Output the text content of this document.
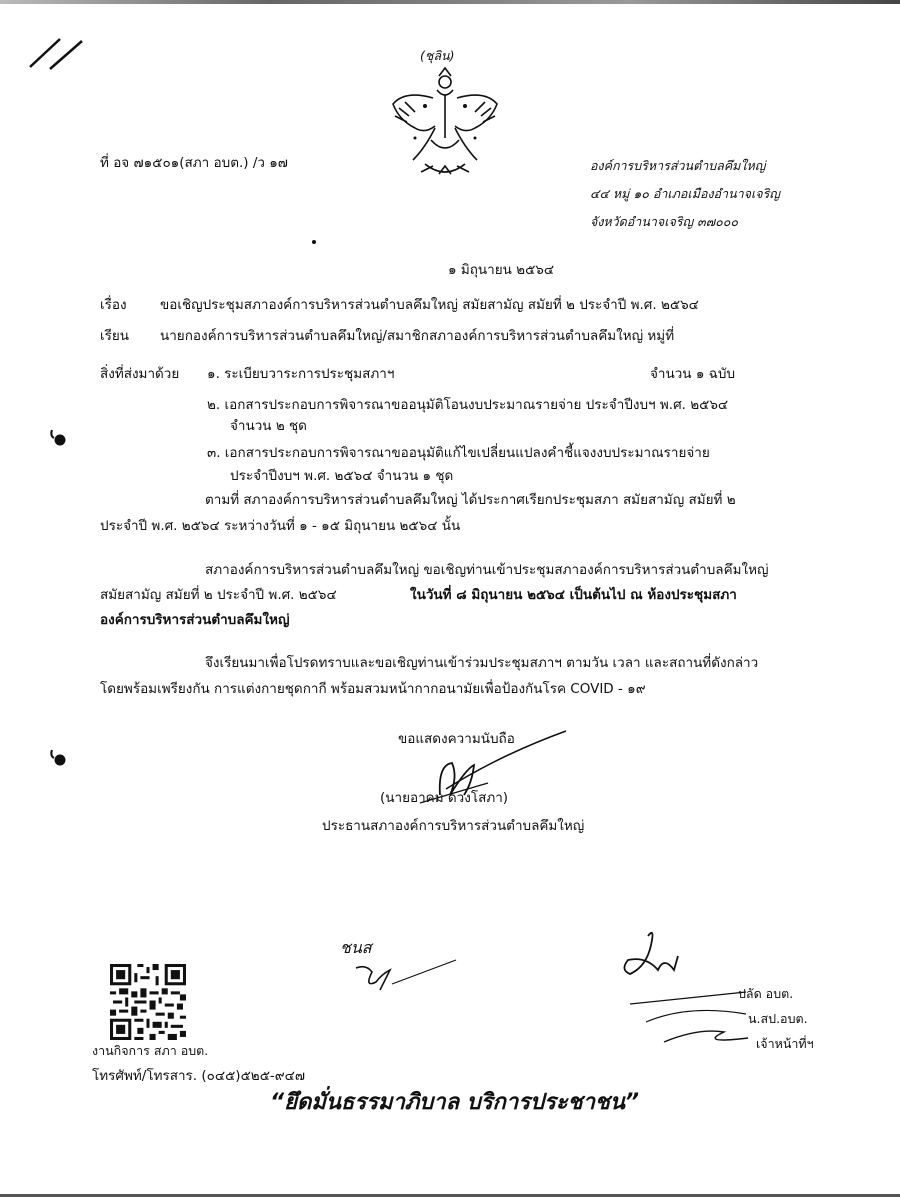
(ชุลิน)
ที่ อจ ๗๑๕๐๑(สภา อบต.) /ว ๑๗	องค์การบริหารส่วนตำบลคึมใหญ่
๔๔ หมู่ ๑๐ อำเภอเมืองอำนาจเจริญ
จังหวัดอำนาจเจริญ ๓๗๐๐๐
๑ มิถุนายน ๒๕๖๔
เรื่อง ขอเชิญประชุมสภาองค์การบริหารส่วนตำบลคึมใหญ่ สมัยสามัญ สมัยที่ ๒ ประจำปี พ.ศ. ๒๕๖๔
เรียน นายกองค์การบริหารส่วนตำบลคึมใหญ่/สมาชิกสภาองค์การบริหารส่วนตำบลคึมใหญ่ หมู่ที่
สิ่งที่ส่งมาด้วย ๑. ระเบียบวาระการประชุมสภาฯ	จำนวน ๑ ฉบับ
๒. เอกสารประกอบการพิจารณาขออนุมัติโอนงบประมาณรายจ่าย ประจำปีงบฯ พ.ศ. ๒๕๖๔
จำนวน ๒ ชุด
๓. เอกสารประกอบการพิจารณาขออนุมัติแก้ไขเปลี่ยนแปลงคำชี้แจงงบประมาณรายจ่าย
ประจำปีงบฯ พ.ศ. ๒๕๖๔ จำนวน ๑ ชุด
ตามที่ สภาองค์การบริหารส่วนตำบลคึมใหญ่ ได้ประกาศเรียกประชุมสภา สมัยสามัญ สมัยที่ ๒
ประจำปี พ.ศ. ๒๕๖๔ ระหว่างวันที่ ๑ - ๑๕ มิถุนายน ๒๕๖๔ นั้น
สภาองค์การบริหารส่วนตำบลคึมใหญ่ ขอเชิญท่านเข้าประชุมสภาองค์การบริหารส่วนตำบลคึมใหญ่
สมัยสามัญ สมัยที่ ๒ ประจำปี พ.ศ. ๒๕๖๔	ในวันที่ ๘ มิถุนายน ๒๕๖๔ เป็นต้นไป ณ ห้องประชุมสภา
องค์การบริหารส่วนตำบลคึมใหญ่
จึงเรียนมาเพื่อโปรดทราบและขอเชิญท่านเข้าร่วมประชุมสภาฯ ตามวัน เวลา และสถานที่ดังกล่าว
โดยพร้อมเพรียงกัน การแต่งกายชุดกากี พร้อมสวมหน้ากากอนามัยเพื่อป้องกันโรค COVID - ๑๙
ขอแสดงความนับถือ
(นายอาคม ดวงโสภา)
ประธานสภาองค์การบริหารส่วนตำบลคึมใหญ่
ชนส
ปลัด อบต.
น.สป.อบต.
เจ้าหน้าที่ฯ
งานกิจการ สภา อบต.
โทรศัพท์/โทรสาร. (๐๔๕)๕๒๕-๙๔๗
“ยึดมั่นธรรมาภิบาล บริการประชาชน”
